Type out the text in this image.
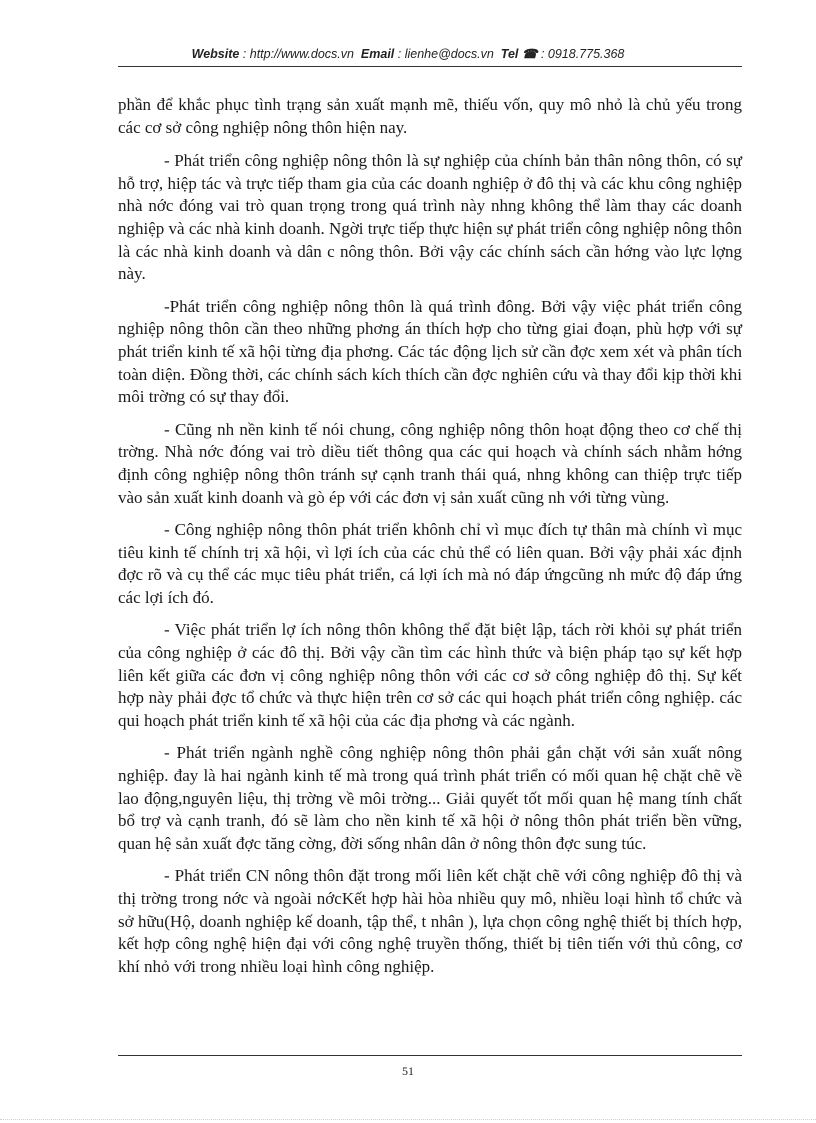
Website : http://www.docs.vn Email : lienhe@docs.vn Tel ☎ : 0918.775.368

phần để khắc phục tình trạng sản xuất mạnh mẽ, thiếu vốn, quy mô nhỏ là chủ yếu trong các cơ sở công nghiệp nông thôn hiện nay.

- Phát triển công nghiệp nông thôn là sự nghiệp của chính bản thân nông thôn, có sự hỗ trợ, hiệp tác và trực tiếp tham gia của các doanh nghiệp ở đô thị và các khu công nghiệp nhà nớc đóng vai trò quan trọng trong quá trình này nhng không thể làm thay các doanh nghiệp và các nhà kinh doanh. Ngời trực tiếp thực hiện sự phát triển công nghiệp nông thôn là các nhà kinh doanh và dân c nông thôn. Bởi vậy các chính sách cần hớng vào lực lợng này.

-Phát triển công nghiệp nông thôn là quá trình đông. Bởi vậy việc phát triển công nghiệp nông thôn cần theo những phơng án thích hợp cho từng giai đoạn, phù hợp với sự phát triển kinh tế xã hội từng địa phơng. Các tác động lịch sử cần đợc xem xét và phân tích toàn diện. Đồng thời, các chính sách kích thích cần đợc nghiên cứu và thay đổi kịp thời khi môi trờng có sự thay đổi.

- Cũng nh nền kinh tế nói chung, công nghiệp nông thôn hoạt động theo cơ chế thị trờng. Nhà nớc đóng vai trò diều tiết thông qua các qui hoạch và chính sách nhằm hớng định công nghiệp nông thôn tránh sự cạnh tranh thái quá, nhng không can thiệp trực tiếp vào sản xuất kinh doanh và gò ép với các đơn vị sản xuất cũng nh với từng vùng.

- Công nghiệp nông thôn phát triển khônh chỉ vì mục đích tự thân mà chính vì mục tiêu kinh tế chính trị xã hội, vì lợi ích của các chủ thể có liên quan. Bởi vậy phải xác định đợc rõ và cụ thể các mục tiêu phát triển, cá lợi ích mà nó đáp ứngcũng nh mức độ đáp ứng các lợi ích đó.

- Việc phát triển lợ ích nông thôn không thể đặt biệt lập, tách rời khỏi sự phát triển của công nghiệp ở các đô thị. Bởi vậy cần tìm các hình thức và biện pháp tạo sự kết hợp liên kết giữa các đơn vị công nghiệp nông thôn với các cơ sở công nghiệp đô thị. Sự kết hợp này phải đợc tổ chức và thực hiện trên cơ sở các qui hoạch phát triển công nghiệp. các qui hoạch phát triển kinh tế xã hội của các địa phơng và các ngành.

- Phát triển ngành nghề công nghiệp nông thôn phải gắn chặt với sản xuất nông nghiệp. đay là hai ngành kinh tế mà trong quá trình phát triển có mối quan hệ chặt chẽ về lao động,nguyên liệu, thị trờng về môi trờng... Giải quyết tốt mối quan hệ mang tính chất bổ trợ và cạnh tranh, đó sẽ làm cho nền kinh tế xã hội ở nông thôn phát triển bền vững, quan hệ sản xuất đợc tăng cờng, đời sống nhân dân ở nông thôn đợc sung túc.

- Phát triển CN nông thôn đặt trong mối liên kết chặt chẽ với công nghiệp đô thị và thị trờng trong nớc và ngoài nớcKết hợp hài hòa nhiều quy mô, nhiều loại hình tổ chức và sở hữu(Hộ, doanh nghiệp kế doanh, tập thể, t nhân ), lựa chọn công nghệ thiết bị thích hợp, kết hợp công nghệ hiện đại với công nghệ truyền thống, thiết bị tiên tiến với thủ công, cơ khí nhỏ với trong nhiều loại hình công nghiệp.

51
